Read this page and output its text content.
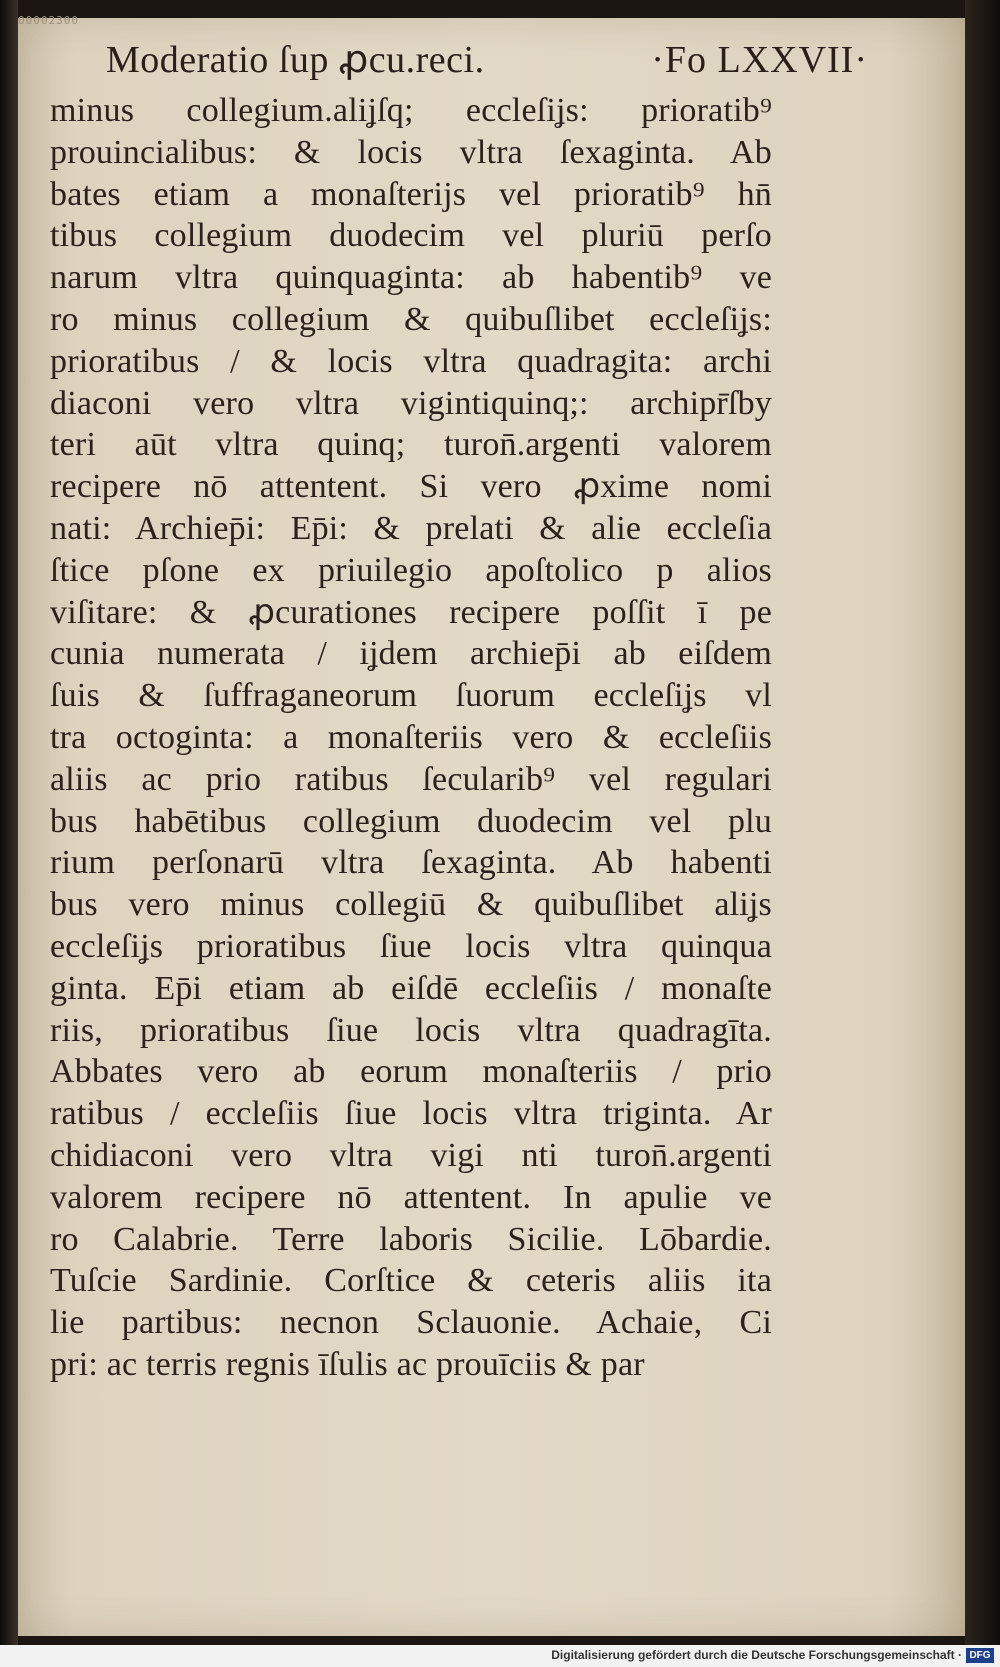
00002300
Moderatio ſup ꝓcu.reci.	·Fo LXXVII·
minus collegium.aliʝſq; eccleſiʝs: prioratib⁹
prouincialibus: & locis vltra ſexaginta. Ab
bates etiam a monaſterijs vel prioratib⁹ hn̄
tibus collegium duodecim vel pluriū perſo
narum vltra quinquaginta: ab habentib⁹ ve
ro minus collegium & quibuſlibet eccleſiʝs:
prioratibus / & locis vltra quadragita: archi
diaconi vero vltra vigintiquinq;: archipr̄ſby
teri aūt vltra quinq; turon̄.argenti valorem
recipere nō attentent. Si vero ꝓxime nomi
nati: Archiep̄i: Ep̄i: & prelati & alie eccleſia
ſtice pſone ex priuilegio apoſtolico p alios
viſitare: & ꝓcurationes recipere poſſit ī pe
cunia numerata / iʝdem archiep̄i ab eiſdem
ſuis & ſuffraganeorum ſuorum eccleſiʝs vl
tra octoginta: a monaſteriis vero & eccleſiis
aliis ac prio ratibus ſecularib⁹ vel regulari
bus habētibus collegium duodecim vel plu
rium perſonarū vltra ſexaginta. Ab habenti
bus vero minus collegiū & quibuſlibet aliʝs
eccleſiʝs prioratibus ſiue locis vltra quinqua
ginta. Ep̄i etiam ab eiſdē eccleſiis / monaſte
riis, prioratibus ſiue locis vltra quadragīta.
Abbates vero ab eorum monaſteriis / prio
ratibus / eccleſiis ſiue locis vltra triginta. Ar
chidiaconi vero vltra vigi nti turon̄.argenti
valorem recipere nō attentent. In apulie ve
ro Calabrie. Terre laboris Sicilie. Lōbardie.
Tuſcie Sardinie. Corſtice & ceteris aliis ita
lie partibus: necnon Sclauonie. Achaie, Ci
pri: ac terris regnis īſulis ac prouīciis & par
Digitalisierung gefördert durch die Deutsche Forschungsgemeinschaft · DFG
